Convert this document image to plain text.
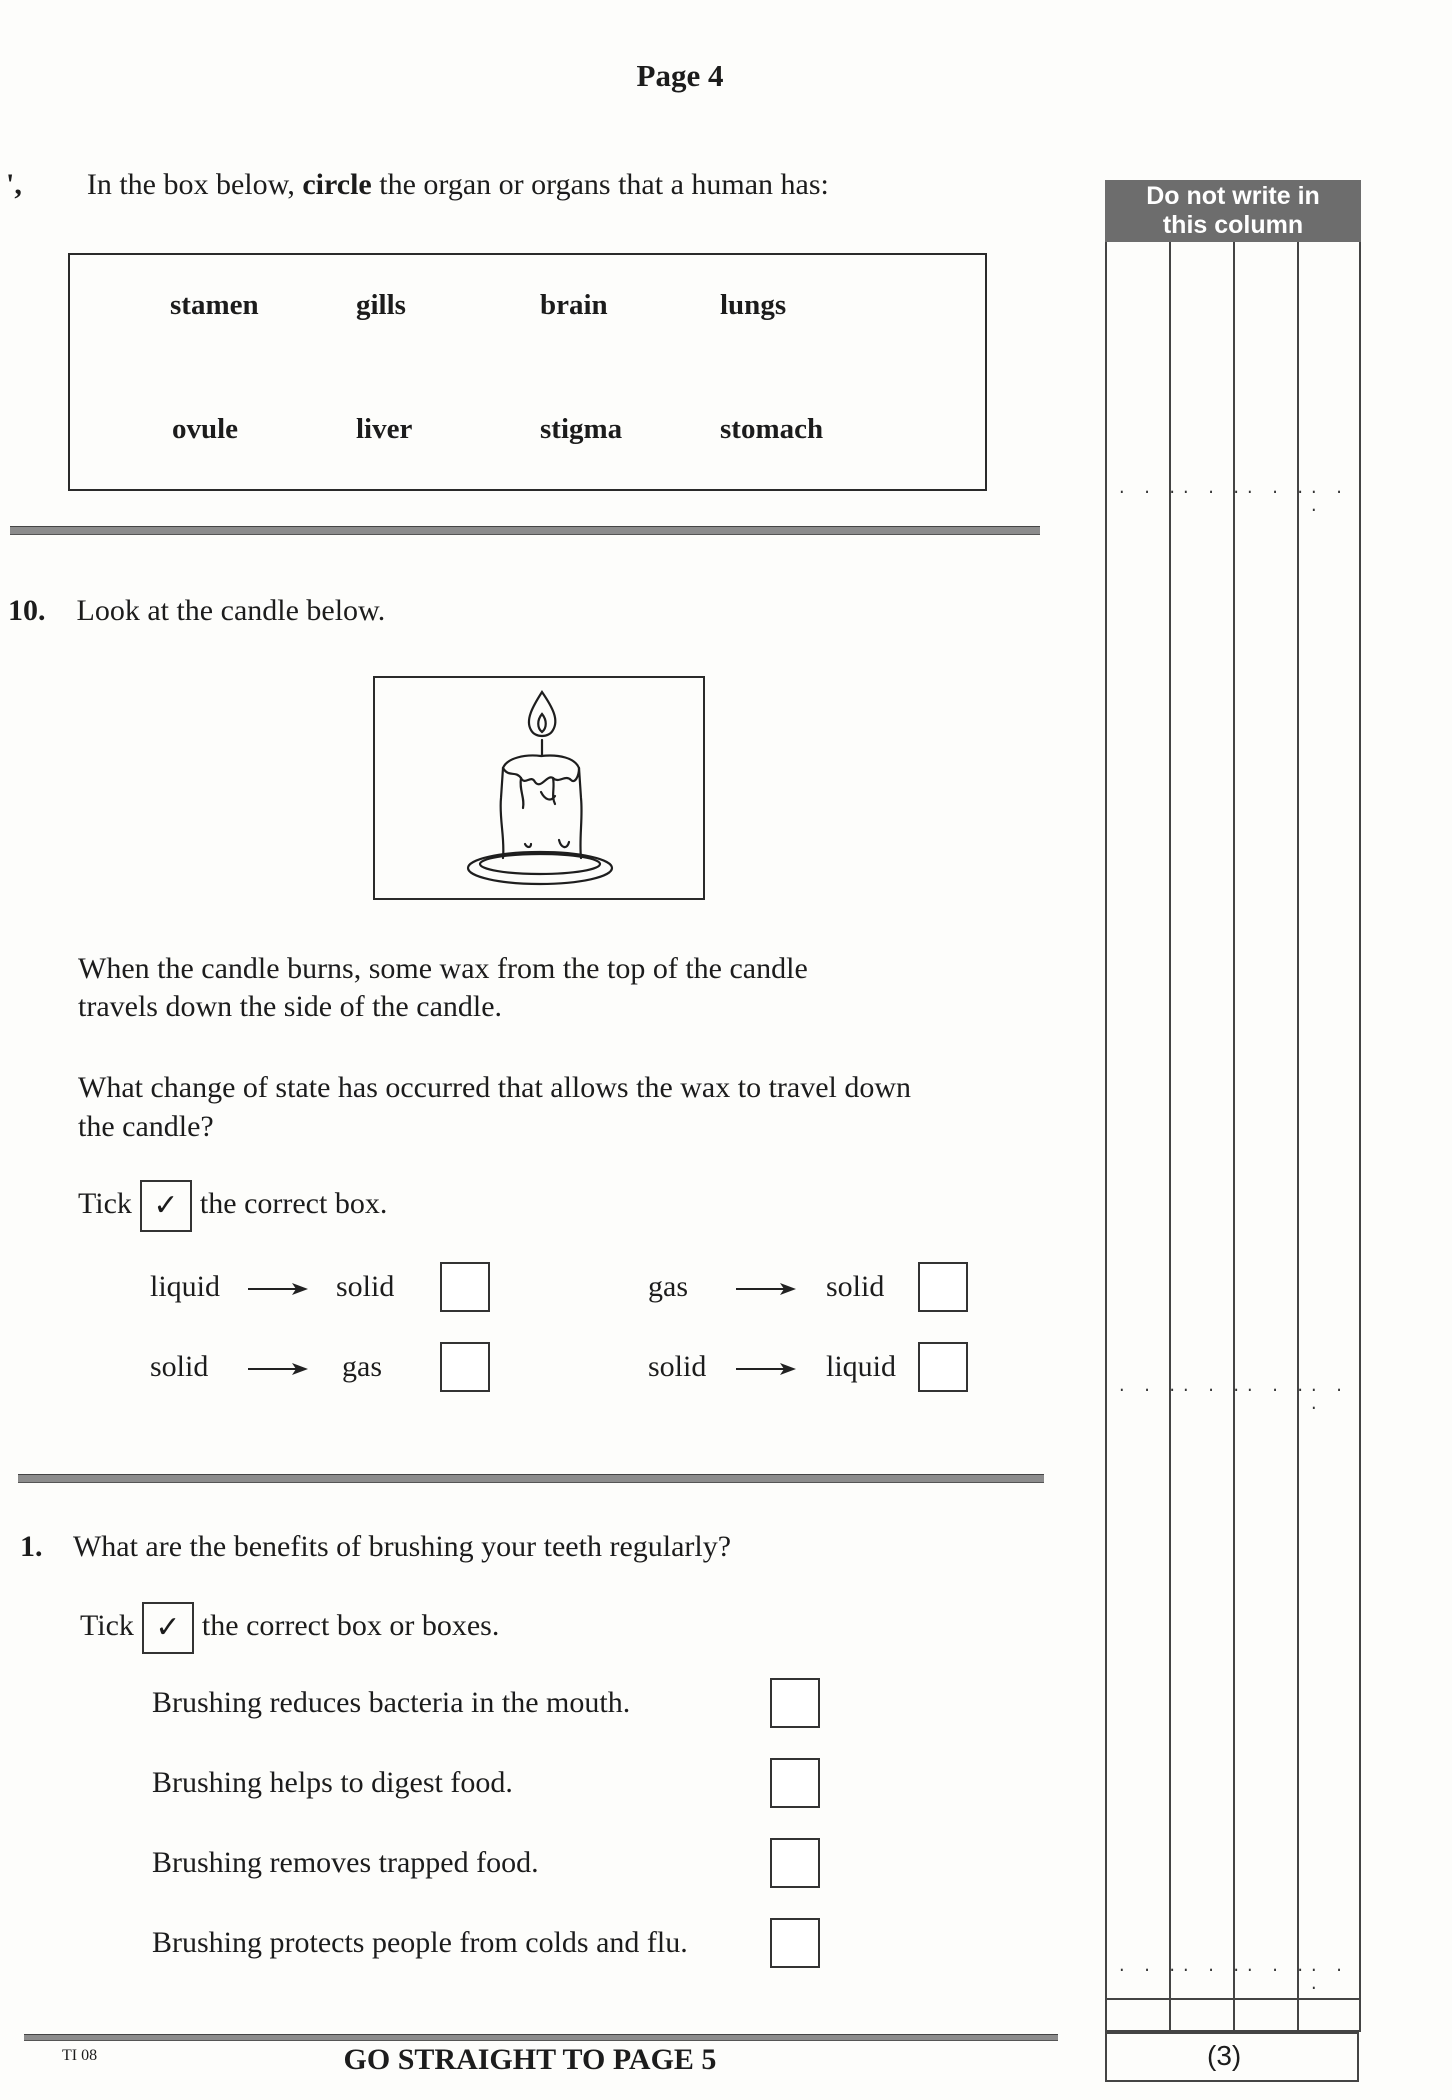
Page 4
', In the box below, circle the organ or organs that a human has:
stamen	gills	brain	lungs
ovule	liver	stigma	stomach
10. Look at the candle below.
When the candle burns, some wax from the top of the candle
travels down the side of the candle.
What change of state has occurred that allows the wax to travel down
the candle?
Tick ✓ the correct box.
liquid	solid	gas	solid
solid	gas	solid	liquid
1. What are the benefits of brushing your teeth regularly?
Tick ✓ the correct box or boxes.
Brushing reduces bacteria in the mouth.
Brushing helps to digest food.
Brushing removes trapped food.
Brushing protects people from colds and flu.
TI 08	GO STRAIGHT TO PAGE 5
Do not write in
this column
. . . . . . . . . . . .
. . . . . . . . . . . .
. . . . . . . . . . . .
(3)
